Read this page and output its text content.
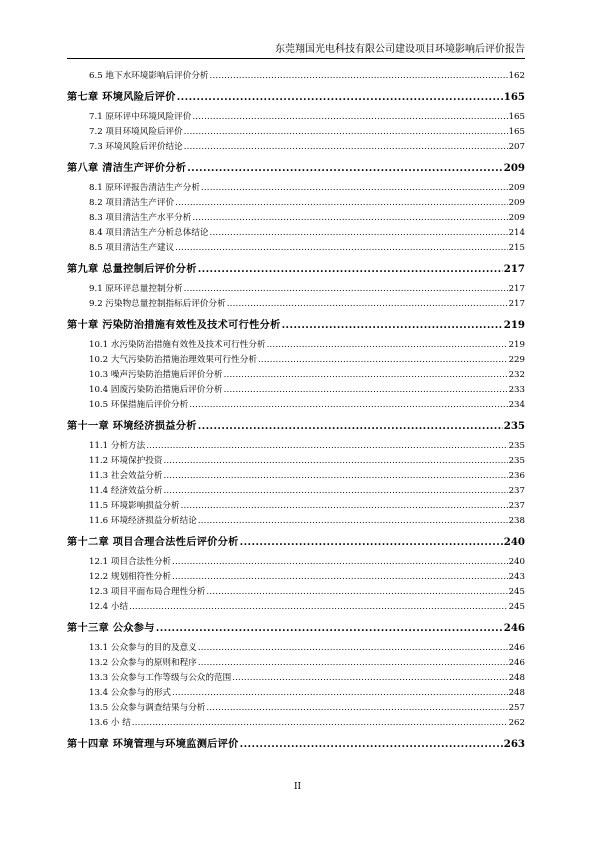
东莞翔国光电科技有限公司建设项目环境影响后评价报告
6.5 地下水环境影响后评价分析 .....	162
第七章 环境风险后评价 .....	165
7.1 原环评中环境风险评价 .....	165
7.2 项目环境风险后评价 .....	165
7.3 环境风险后评价结论 .....	207
第八章 清洁生产评价分析 .....	209
8.1 原环评报告清洁生产分析 .....	209
8.2 项目清洁生产评价 .....	209
8.3 项目清洁生产水平分析 .....	209
8.4 项目清洁生产分析总体结论 .....	214
8.5 项目清洁生产建议 .....	215
第九章 总量控制后评价分析 .....	217
9.1 原环评总量控制分析 .....	217
9.2 污染物总量控制指标后评价分析 .....	217
第十章 污染防治措施有效性及技术可行性分析 .....	219
10.1 水污染防治措施有效性及技术可行性分析 .....	219
10.2 大气污染防治措施治理效果可行性分析 .....	229
10.3 噪声污染防治措施后评价分析 .....	232
10.4 固废污染防治措施后评价分析 .....	233
10.5 环保措施后评价分析 .....	234
第十一章 环境经济损益分析 .....	235
11.1 分析方法 .....	235
11.2 环境保护投资 .....	235
11.3 社会效益分析 .....	236
11.4 经济效益分析 .....	237
11.5 环境影响损益分析 .....	237
11.6 环境经济损益分析结论 .....	238
第十二章 项目合理合法性后评价分析 .....	240
12.1 项目合法性分析 .....	240
12.2 规划相符性分析 .....	243
12.3 项目平面布局合理性分析 .....	245
12.4 小结 .....	245
第十三章 公众参与 .....	246
13.1 公众参与的目的及意义 .....	246
13.2 公众参与的原则和程序 .....	246
13.3 公众参与工作等级与公众的范围 .....	248
13.4 公众参与的形式 .....	248
13.5 公众参与调查结果与分析 .....	257
13.6 小 结 .....	262
第十四章 环境管理与环境监测后评价 .....	263
II
